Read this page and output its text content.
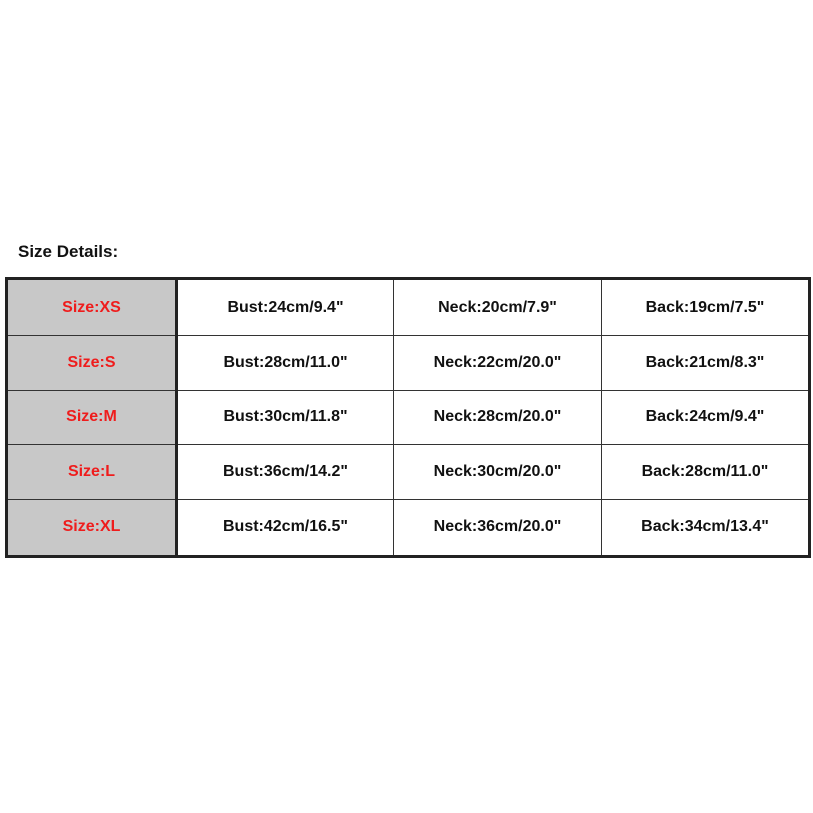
Size Details:
Size:XS	Bust:24cm/9.4"	Neck:20cm/7.9"	Back:19cm/7.5"
Size:S	Bust:28cm/11.0"	Neck:22cm/20.0"	Back:21cm/8.3"
Size:M	Bust:30cm/11.8"	Neck:28cm/20.0"	Back:24cm/9.4"
Size:L	Bust:36cm/14.2"	Neck:30cm/20.0"	Back:28cm/11.0"
Size:XL	Bust:42cm/16.5"	Neck:36cm/20.0"	Back:34cm/13.4"
